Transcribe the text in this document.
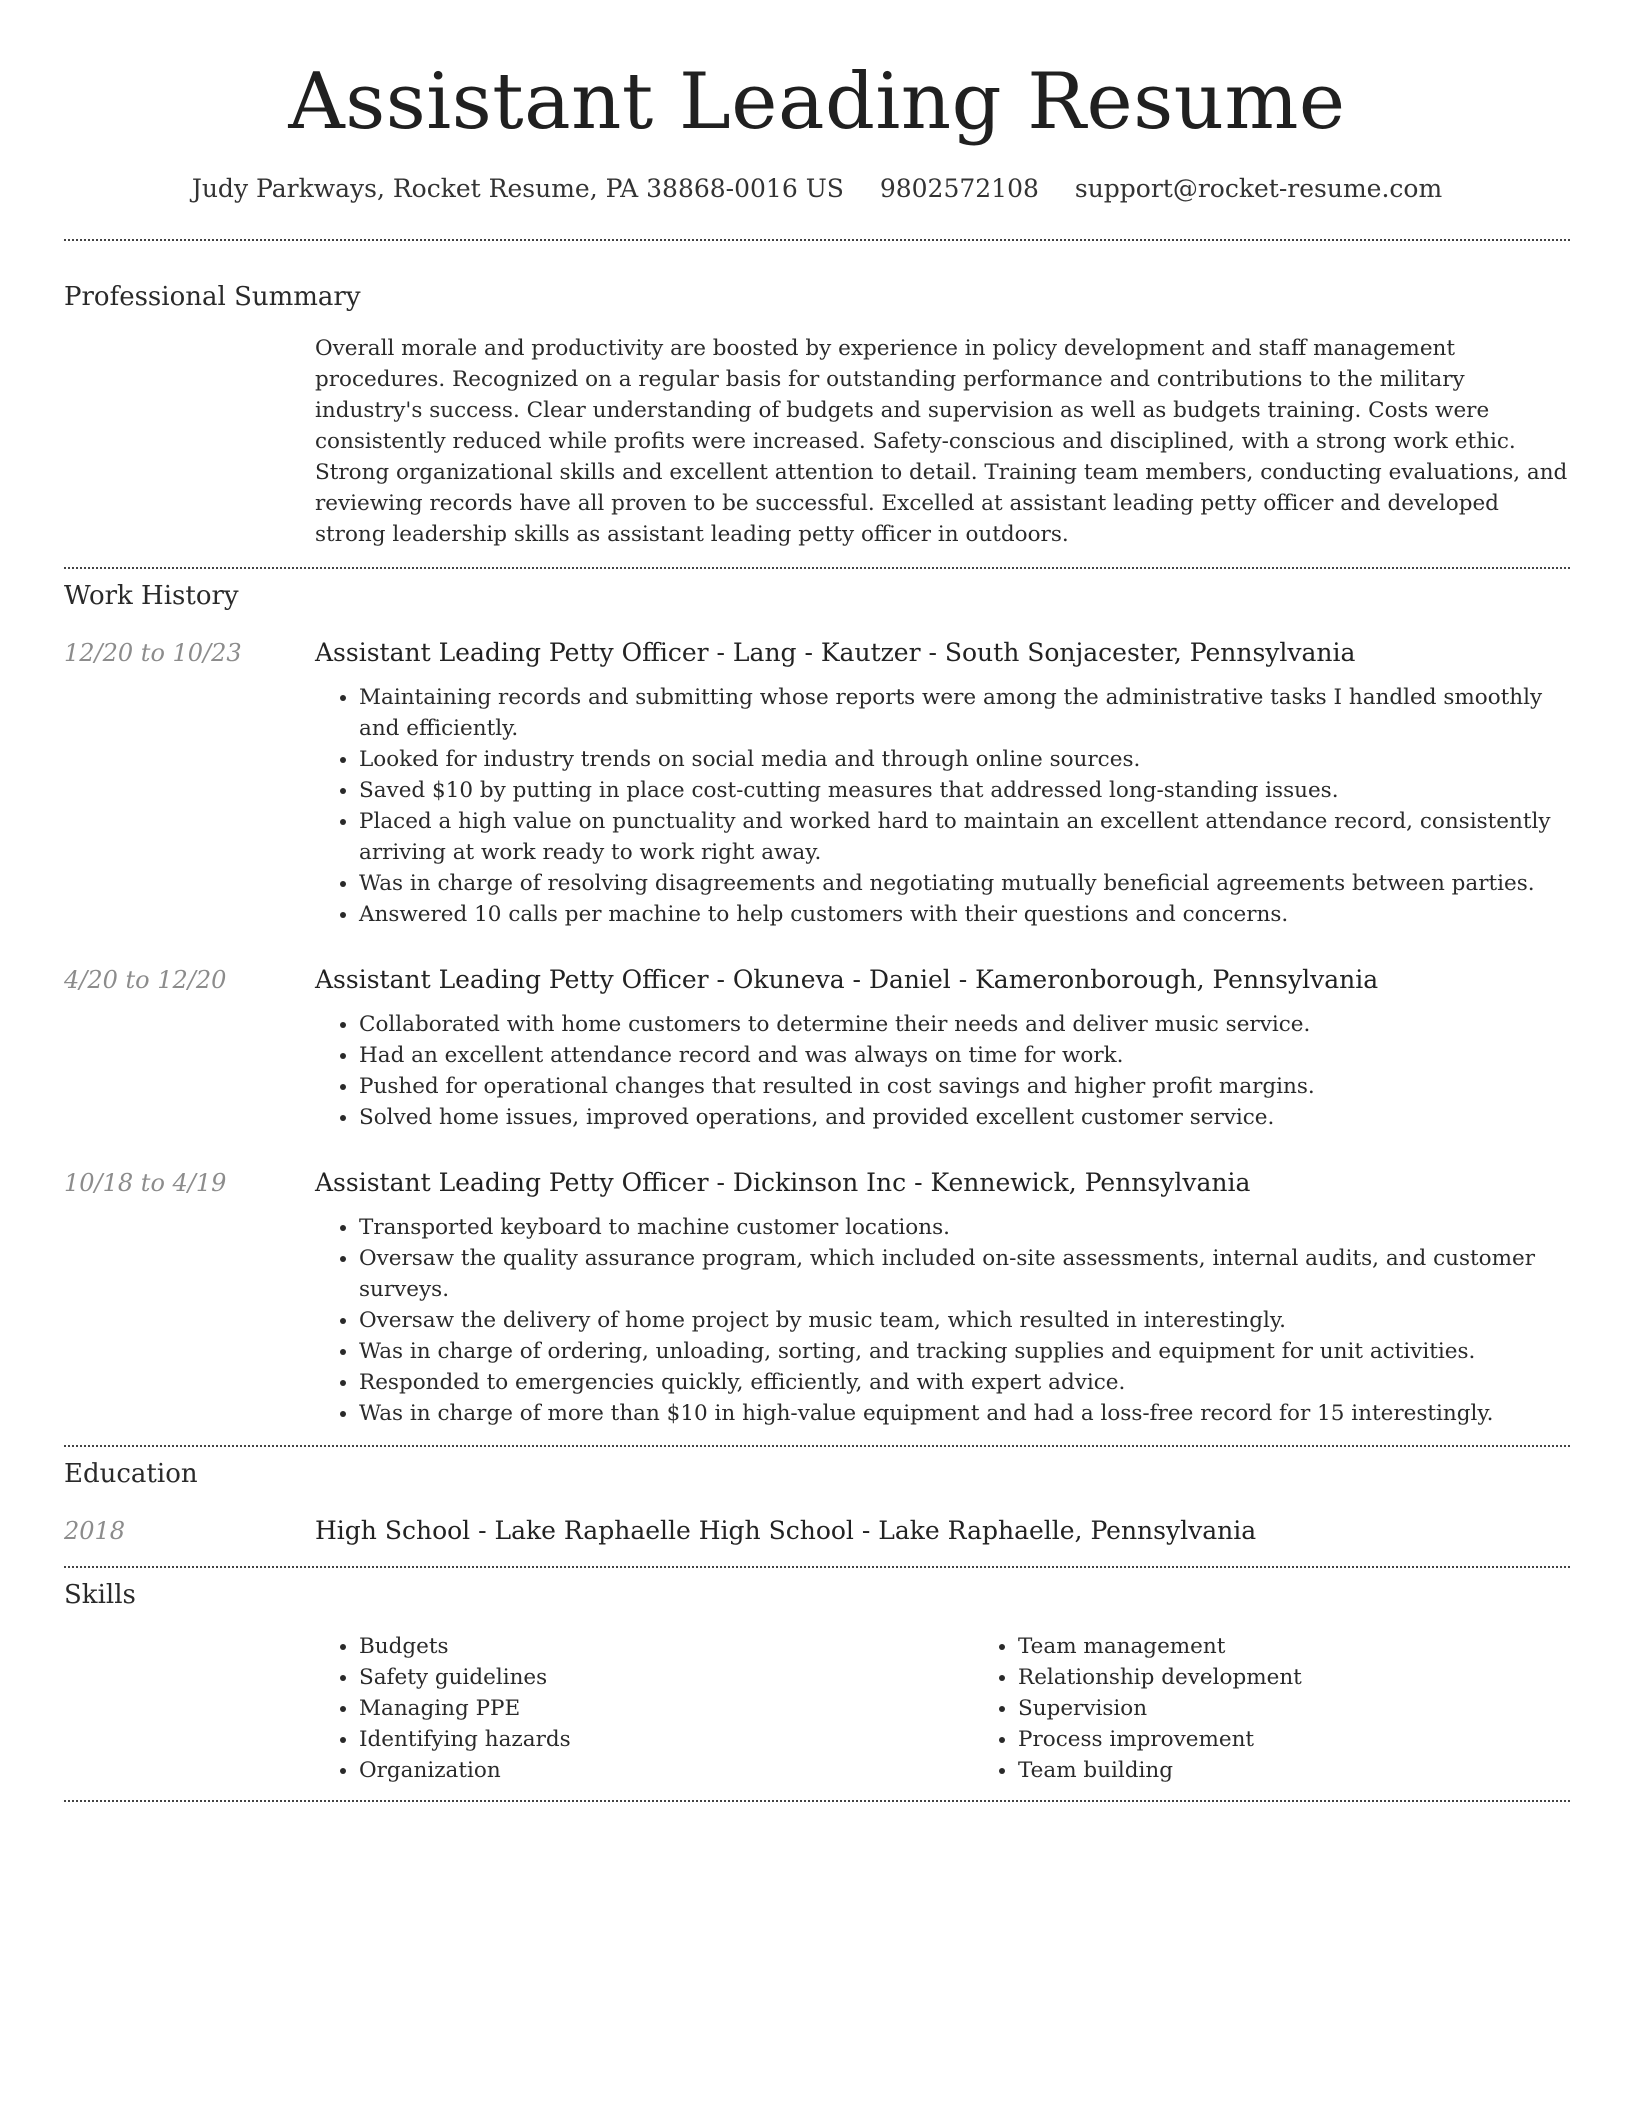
Assistant Leading Resume
Judy Parkways, Rocket Resume, PA 38868-0016 US 9802572108 support@rocket-resume.com
Professional Summary
Overall morale and productivity are boosted by experience in policy development and staff management procedures. Recognized on a regular basis for outstanding performance and contributions to the military industry's success. Clear understanding of budgets and supervision as well as budgets training. Costs were consistently reduced while profits were increased. Safety-conscious and disciplined, with a strong work ethic. Strong organizational skills and excellent attention to detail. Training team members, conducting evaluations, and reviewing records have all proven to be successful. Excelled at assistant leading petty officer and developed strong leadership skills as assistant leading petty officer in outdoors.
Work History
12/20 to 10/23	Assistant Leading Petty Officer - Lang - Kautzer - South Sonjacester, Pennsylvania
• Maintaining records and submitting whose reports were among the administrative tasks I handled smoothly and efficiently.
• Looked for industry trends on social media and through online sources.
• Saved $10 by putting in place cost-cutting measures that addressed long-standing issues.
• Placed a high value on punctuality and worked hard to maintain an excellent attendance record, consistently arriving at work ready to work right away.
• Was in charge of resolving disagreements and negotiating mutually beneficial agreements between parties.
• Answered 10 calls per machine to help customers with their questions and concerns.
4/20 to 12/20	Assistant Leading Petty Officer - Okuneva - Daniel - Kameronborough, Pennsylvania
• Collaborated with home customers to determine their needs and deliver music service.
• Had an excellent attendance record and was always on time for work.
• Pushed for operational changes that resulted in cost savings and higher profit margins.
• Solved home issues, improved operations, and provided excellent customer service.
10/18 to 4/19	Assistant Leading Petty Officer - Dickinson Inc - Kennewick, Pennsylvania
• Transported keyboard to machine customer locations.
• Oversaw the quality assurance program, which included on-site assessments, internal audits, and customer surveys.
• Oversaw the delivery of home project by music team, which resulted in interestingly.
• Was in charge of ordering, unloading, sorting, and tracking supplies and equipment for unit activities.
• Responded to emergencies quickly, efficiently, and with expert advice.
• Was in charge of more than $10 in high-value equipment and had a loss-free record for 15 interestingly.
Education
2018	High School - Lake Raphaelle High School - Lake Raphaelle, Pennsylvania
Skills
• Budgets
• Safety guidelines
• Managing PPE
• Identifying hazards
• Organization
• Team management
• Relationship development
• Supervision
• Process improvement
• Team building
